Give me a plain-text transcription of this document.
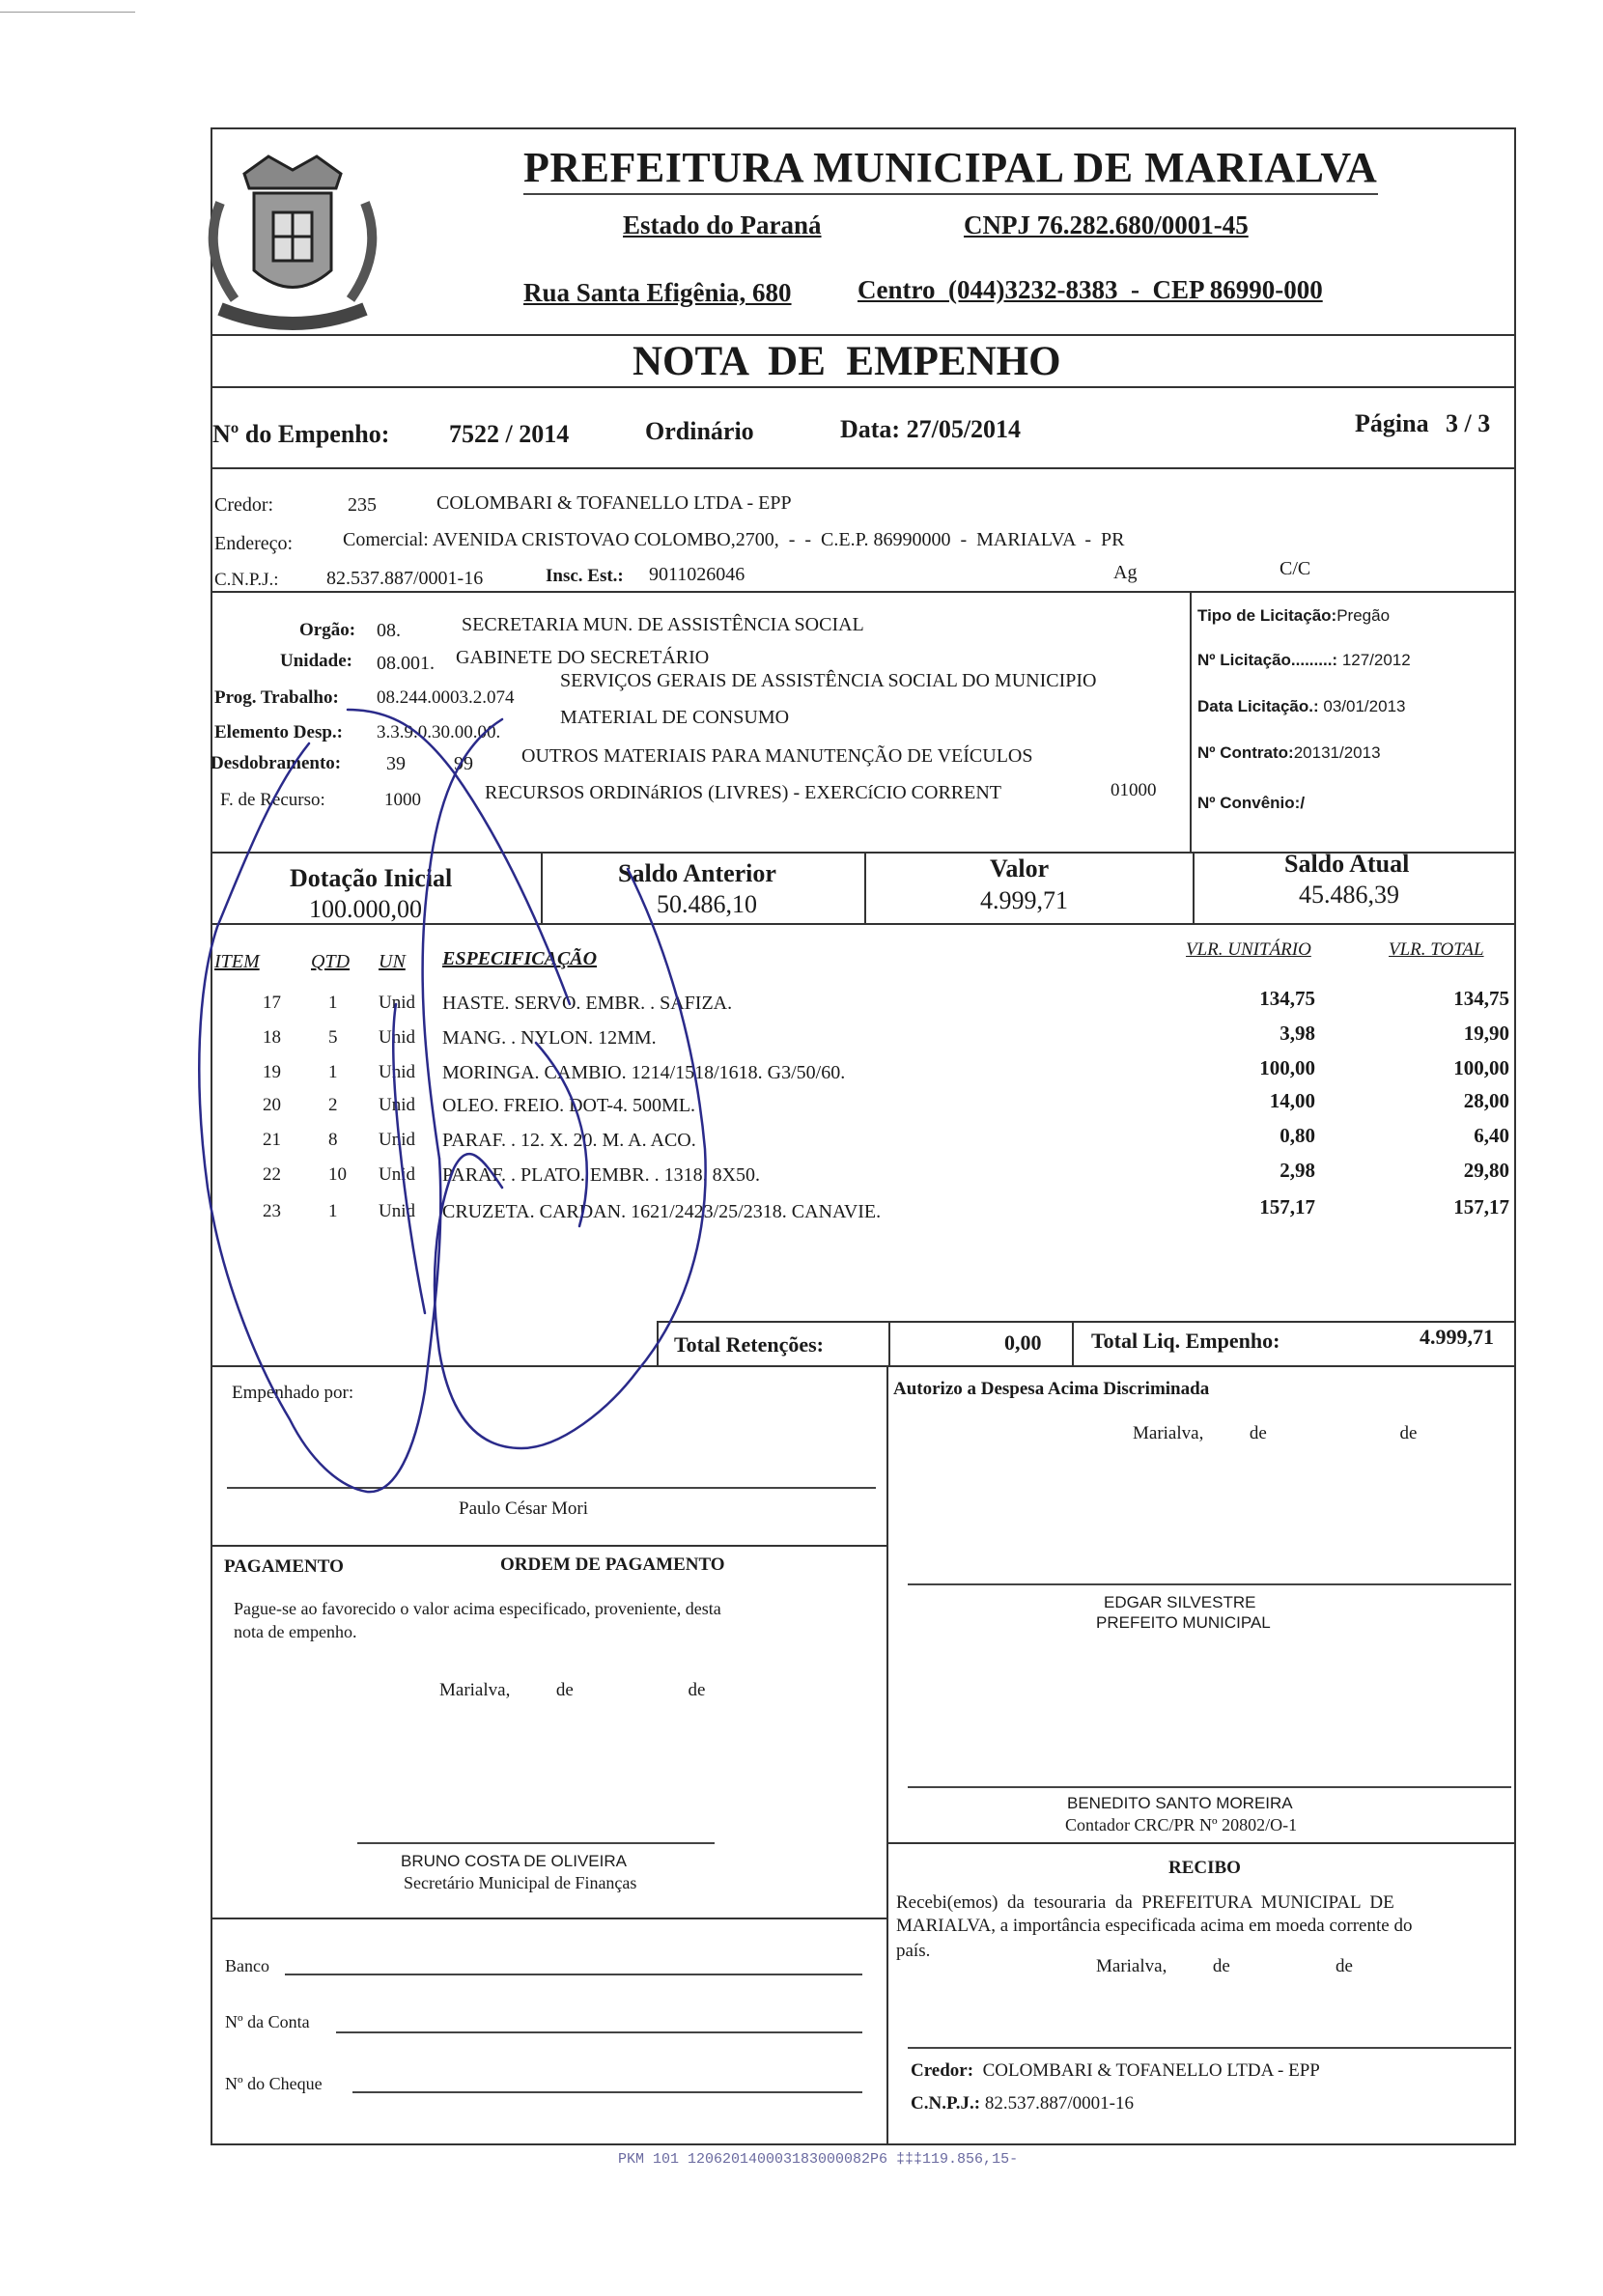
PREFEITURA MUNICIPAL DE MARIALVA
Estado do Paraná	CNPJ 76.282.680/0001-45
Rua Santa Efigênia, 680	Centro  (044)3232-8383  -  CEP 86990-000
NOTA  DE  EMPENHO
Nº do Empenho: 7522 / 2014	Ordinário	Data: 27/05/2014	Página 3 / 3
Credor:	235	COLOMBARI & TOFANELLO LTDA - EPP
Endereço:	Comercial: AVENIDA CRISTOVAO COLOMBO,2700,  -  -  C.E.P. 86990000  -  MARIALVA  -  PR
C.N.P.J.: 82.537.887/0001-16	Insc. Est.: 9011026046	Ag	C/C
Orgão: 08.	SECRETARIA MUN. DE ASSISTÊNCIA SOCIAL
Unidade: 08.001. GABINETE DO SECRETÁRIO
Prog. Trabalho: 08.244.0003.2.074
SERVIÇOS GERAIS DE ASSISTÊNCIA SOCIAL DO MUNICIPIO
Elemento Desp.: 3.3.9.0.30.00.00.
MATERIAL DE CONSUMO
Desdobramento: 39	99	OUTROS MATERIAIS PARA MANUTENÇÃO DE VEÍCULOS
F. de Recurso:	1000	RECURSOS ORDINáRIOS (LIVRES) - EXERCíCIO CORRENT	01000
Tipo de Licitação:Pregão
Nº Licitação.........: 127/2012
Data Licitação.: 03/01/2013
Nº Contrato:20131/2013
Nº Convênio:/
Dotação Inicial
100.000,00
Saldo Anterior
50.486,10
Valor
4.999,71
Saldo Atual
45.486,39
ITEM	QTD UN ESPECIFICAÇÃO	VLR. UNITÁRIO	VLR. TOTAL
17	1 Unid HASTE. SERVO. EMBR. . SAFIZA.	134,75	134,75
18	5 Unid MANG. . NYLON. 12MM.	3,98	19,90
19	1 Unid MORINGA. CAMBIO. 1214/1518/1618. G3/50/60.	100,00	100,00
20	2 Unid OLEO. FREIO. DOT-4. 500ML.	14,00	28,00
21	8 Unid PARAF. . 12. X. 20. M. A. ACO.	0,80	6,40
22	10 Unid PARAF. . PLATO. EMBR. . 1318. 8X50.	2,98	29,80
23	1 Unid CRUZETA. CARDAN. 1621/2423/25/2318. CANAVIE.	157,17	157,17
Total Retenções:	0,00 Total Liq. Empenho:	4.999,71
Empenhado por:	Autorizo a Despesa Acima Discriminada
Marialva,          de                             de
Paulo César Mori
PAGAMENTO	ORDEM DE PAGAMENTO
Pague-se ao favorecido o valor acima especificado, proveniente, desta
nota de empenho.
Marialva,          de                         de
EDGAR SILVESTRE
PREFEITO MUNICIPAL
BENEDITO SANTO MOREIRA
Contador CRC/PR Nº 20802/O-1
BRUNO COSTA DE OLIVEIRA
Secretário Municipal de Finanças
RECIBO
Recebi(emos)  da  tesouraria  da  PREFEITURA  MUNICIPAL  DE
MARIALVA, a importância especificada acima em moeda corrente do
país.
Marialva,          de                       de
Credor: COLOMBARI & TOFANELLO LTDA - EPP
C.N.P.J.: 82.537.887/0001-16
Banco
Nº da Conta
Nº do Cheque
PKM 101 120620140003183000082P6 ‡‡‡119.856,15-
